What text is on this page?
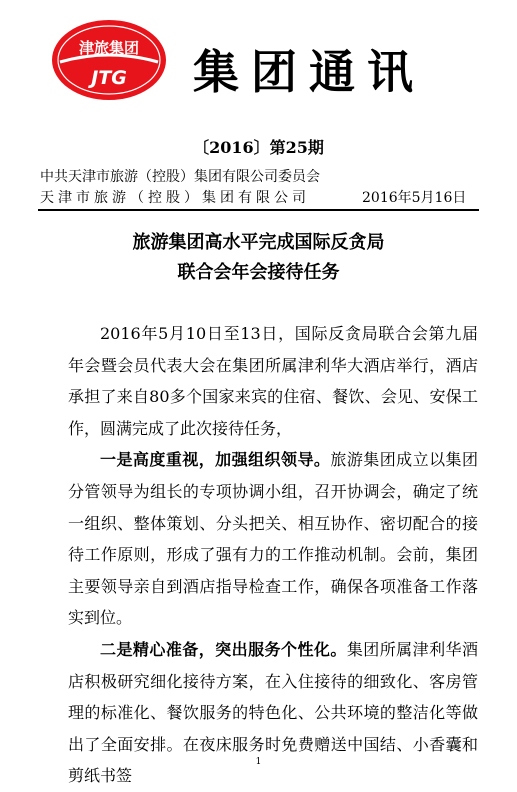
津旅集团
JTG 集团通讯
〔2016〕第25期
中共天津市旅游（控股）集团有限公司委员会
天津市旅游（控股）集团有限公司	2016年5月16日
旅游集团高水平完成国际反贪局
联合会年会接待任务

2016年5月10日至13日，国际反贪局联合会第九届年会暨会员代表大会在集团所属津利华大酒店举行，酒店承担了来自80多个国家来宾的住宿、餐饮、会见、安保工作，圆满完成了此次接待任务，

一是高度重视，加强组织领导。旅游集团成立以集团分管领导为组长的专项协调小组，召开协调会，确定了统一组织、整体策划、分头把关、相互协作、密切配合的接待工作原则，形成了强有力的工作推动机制。会前，集团主要领导亲自到酒店指导检查工作，确保各项准备工作落实到位。

二是精心准备，突出服务个性化。集团所属津利华酒店积极研究细化接待方案，在入住接待的细致化、客房管理的标准化、餐饮服务的特色化、公共环境的整洁化等做出了全面安排。在夜床服务时免费赠送中国结、小香囊和剪纸书签

1
